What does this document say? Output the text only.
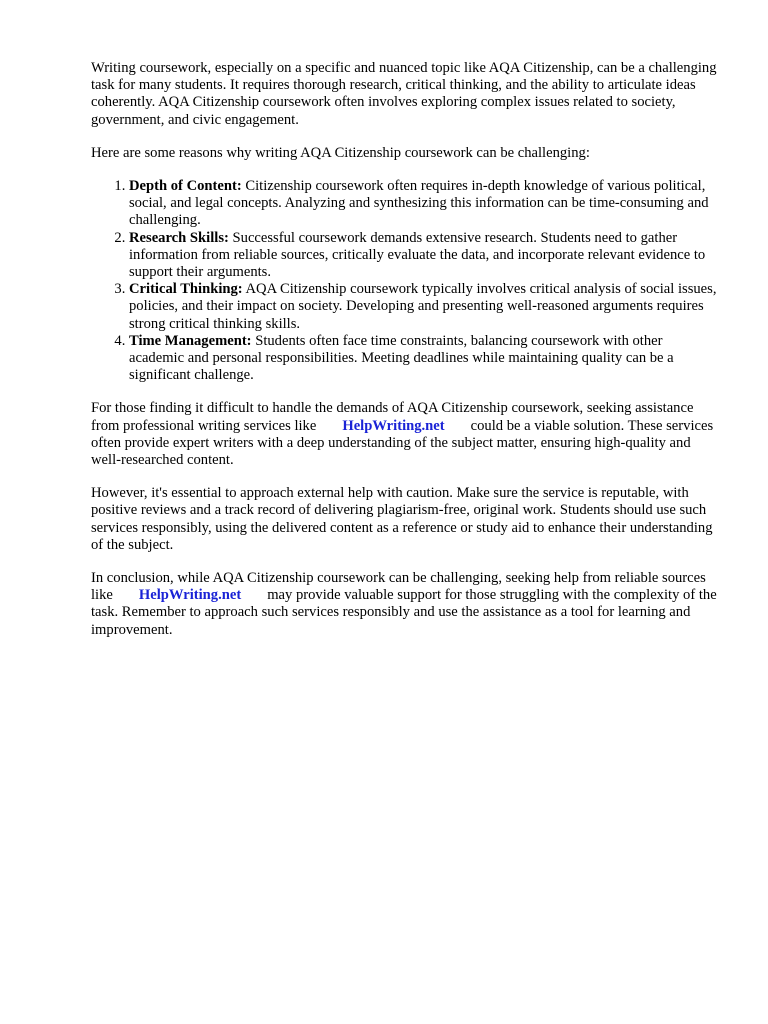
Writing coursework, especially on a specific and nuanced topic like AQA Citizenship, can be a challenging task for many students. It requires thorough research, critical thinking, and the ability to articulate ideas coherently. AQA Citizenship coursework often involves exploring complex issues related to society, government, and civic engagement.

Here are some reasons why writing AQA Citizenship coursework can be challenging:

1. Depth of Content: Citizenship coursework often requires in-depth knowledge of various political, social, and legal concepts. Analyzing and synthesizing this information can be time-consuming and challenging.
2. Research Skills: Successful coursework demands extensive research. Students need to gather information from reliable sources, critically evaluate the data, and incorporate relevant evidence to support their arguments.
3. Critical Thinking: AQA Citizenship coursework typically involves critical analysis of social issues, policies, and their impact on society. Developing and presenting well-reasoned arguments requires strong critical thinking skills.
4. Time Management: Students often face time constraints, balancing coursework with other academic and personal responsibilities. Meeting deadlines while maintaining quality can be a significant challenge.

For those finding it difficult to handle the demands of AQA Citizenship coursework, seeking assistance from professional writing services like HelpWriting.net could be a viable solution. These services often provide expert writers with a deep understanding of the subject matter, ensuring high-quality and well-researched content.

However, it's essential to approach external help with caution. Make sure the service is reputable, with positive reviews and a track record of delivering plagiarism-free, original work. Students should use such services responsibly, using the delivered content as a reference or study aid to enhance their understanding of the subject.

In conclusion, while AQA Citizenship coursework can be challenging, seeking help from reliable sources like HelpWriting.net may provide valuable support for those struggling with the complexity of the task. Remember to approach such services responsibly and use the assistance as a tool for learning and improvement.
